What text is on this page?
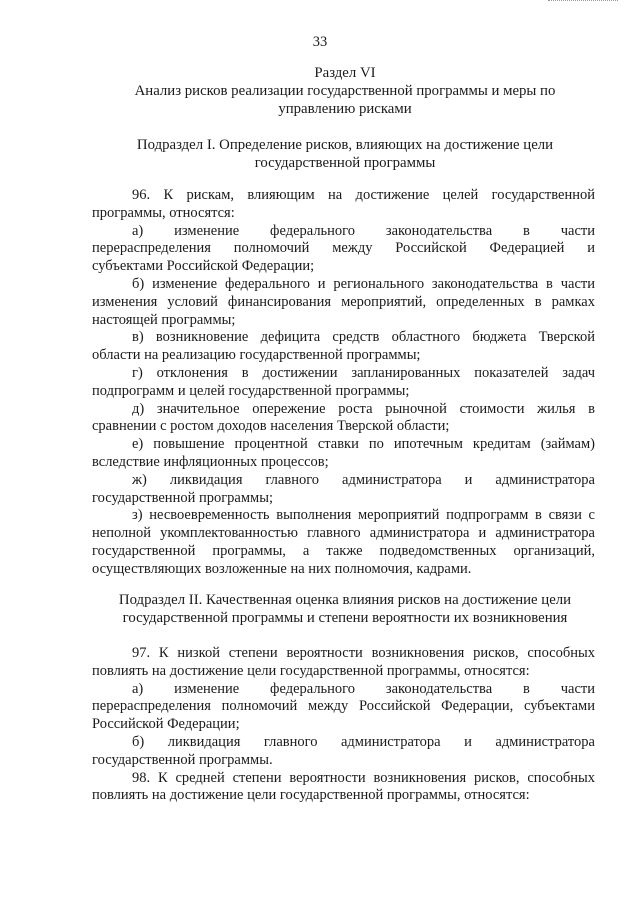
33
Раздел VI
Анализ рисков реализации государственной программы и меры по
управлению рисками
Подраздел I. Определение рисков, влияющих на достижение цели
государственной программы

96. К рискам, влияющим на достижение целей государственной

программы, относятся:

а) изменение федерального законодательства в части

перераспределения полномочий между Российской Федерацией и

субъектами Российской Федерации;

б) изменение федерального и регионального законодательства в части

изменения условий финансирования мероприятий, определенных в рамках

настоящей программы;

в) возникновение дефицита средств областного бюджета Тверской

области на реализацию государственной программы;

г) отклонения в достижении запланированных показателей задач

подпрограмм и целей государственной программы;

д) значительное опережение роста рыночной стоимости жилья в

сравнении с ростом доходов населения Тверской области;

е) повышение процентной ставки по ипотечным кредитам (займам)

вследствие инфляционных процессов;

ж) ликвидация главного администратора и администратора

государственной программы;

з) несвоевременность выполнения мероприятий подпрограмм в связи с

неполной укомплектованностью главного администратора и администратора

государственной программы, а также подведомственных организаций,

осуществляющих возложенные на них полномочия, кадрами.

Подраздел II. Качественная оценка влияния рисков на достижение цели
государственной программы и степени вероятности их возникновения

97. К низкой степени вероятности возникновения рисков, способных

повлиять на достижение цели государственной программы, относятся:

а) изменение федерального законодательства в части

перераспределения полномочий между Российской Федерации, субъектами

Российской Федерации;

б) ликвидация главного администратора и администратора

государственной программы.

98. К средней степени вероятности возникновения рисков, способных

повлиять на достижение цели государственной программы, относятся:
